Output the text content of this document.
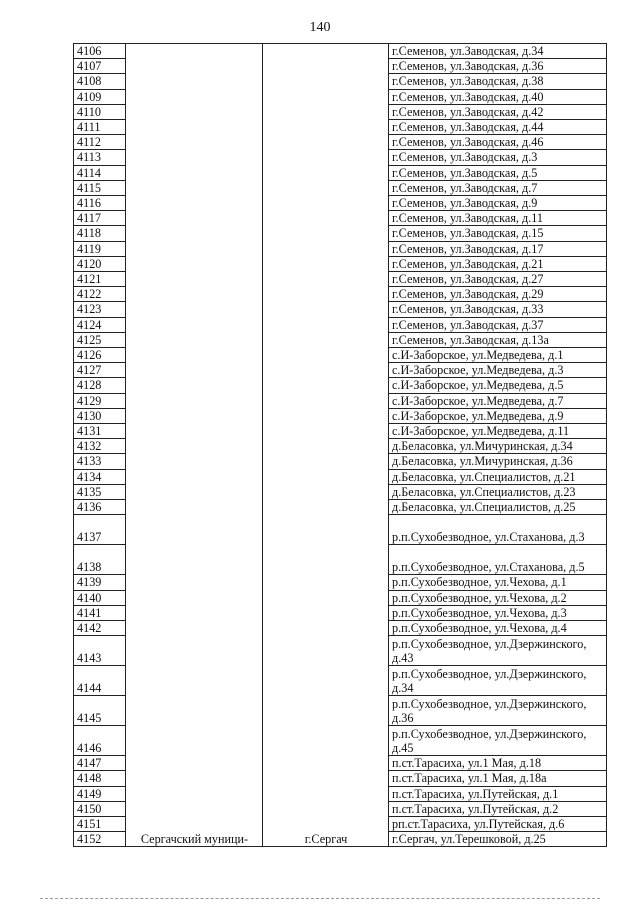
140
4106			г.Семенов, ул.Заводская, д.34
4107			г.Семенов, ул.Заводская, д.36
4108			г.Семенов, ул.Заводская, д.38
4109			г.Семенов, ул.Заводская, д.40
4110			г.Семенов, ул.Заводская, д.42
4111			г.Семенов, ул.Заводская, д.44
4112			г.Семенов, ул.Заводская, д.46
4113			г.Семенов, ул.Заводская, д.3
4114			г.Семенов, ул.Заводская, д.5
4115			г.Семенов, ул.Заводская, д.7
4116			г.Семенов, ул.Заводская, д.9
4117			г.Семенов, ул.Заводская, д.11
4118			г.Семенов, ул.Заводская, д.15
4119			г.Семенов, ул.Заводская, д.17
4120			г.Семенов, ул.Заводская, д.21
4121			г.Семенов, ул.Заводская, д.27
4122			г.Семенов, ул.Заводская, д.29
4123			г.Семенов, ул.Заводская, д.33
4124			г.Семенов, ул.Заводская, д.37
4125			г.Семенов, ул.Заводская, д.13а
4126			с.И-Заборское, ул.Медведева, д.1
4127			с.И-Заборское, ул.Медведева, д.3
4128			с.И-Заборское, ул.Медведева, д.5
4129			с.И-Заборское, ул.Медведева, д.7
4130			с.И-Заборское, ул.Медведева, д.9
4131			с.И-Заборское, ул.Медведева, д.11
4132			д.Беласовка, ул.Мичуринская, д.34
4133			д.Беласовка, ул.Мичуринская, д.36
4134			д.Беласовка, ул.Специалистов, д.21
4135			д.Беласовка, ул.Специалистов, д.23
4136			д.Беласовка, ул.Специалистов, д.25
4137			р.п.Сухобезводное, ул.Стаханова, д.3
4138			р.п.Сухобезводное, ул.Стаханова, д.5
4139			р.п.Сухобезводное, ул.Чехова, д.1
4140			р.п.Сухобезводное, ул.Чехова, д.2
4141			р.п.Сухобезводное, ул.Чехова, д.3
4142			р.п.Сухобезводное, ул.Чехова, д.4
4143			р.п.Сухобезводное, ул.Дзержинского, д.43
4144			р.п.Сухобезводное, ул.Дзержинского, д.34
4145			р.п.Сухобезводное, ул.Дзержинского, д.36
4146			р.п.Сухобезводное, ул.Дзержинского, д.45
4147			п.ст.Тарасиха, ул.1 Мая, д.18
4148			п.ст.Тарасиха, ул.1 Мая, д.18а
4149			п.ст.Тарасиха, ул.Путейская, д.1
4150			п.ст.Тарасиха, ул.Путейская, д.2
4151			рп.ст.Тарасиха, ул.Путейская, д.6
4152	Сергачский муници-	г.Сергач	г.Сергач, ул.Терешковой, д.25
